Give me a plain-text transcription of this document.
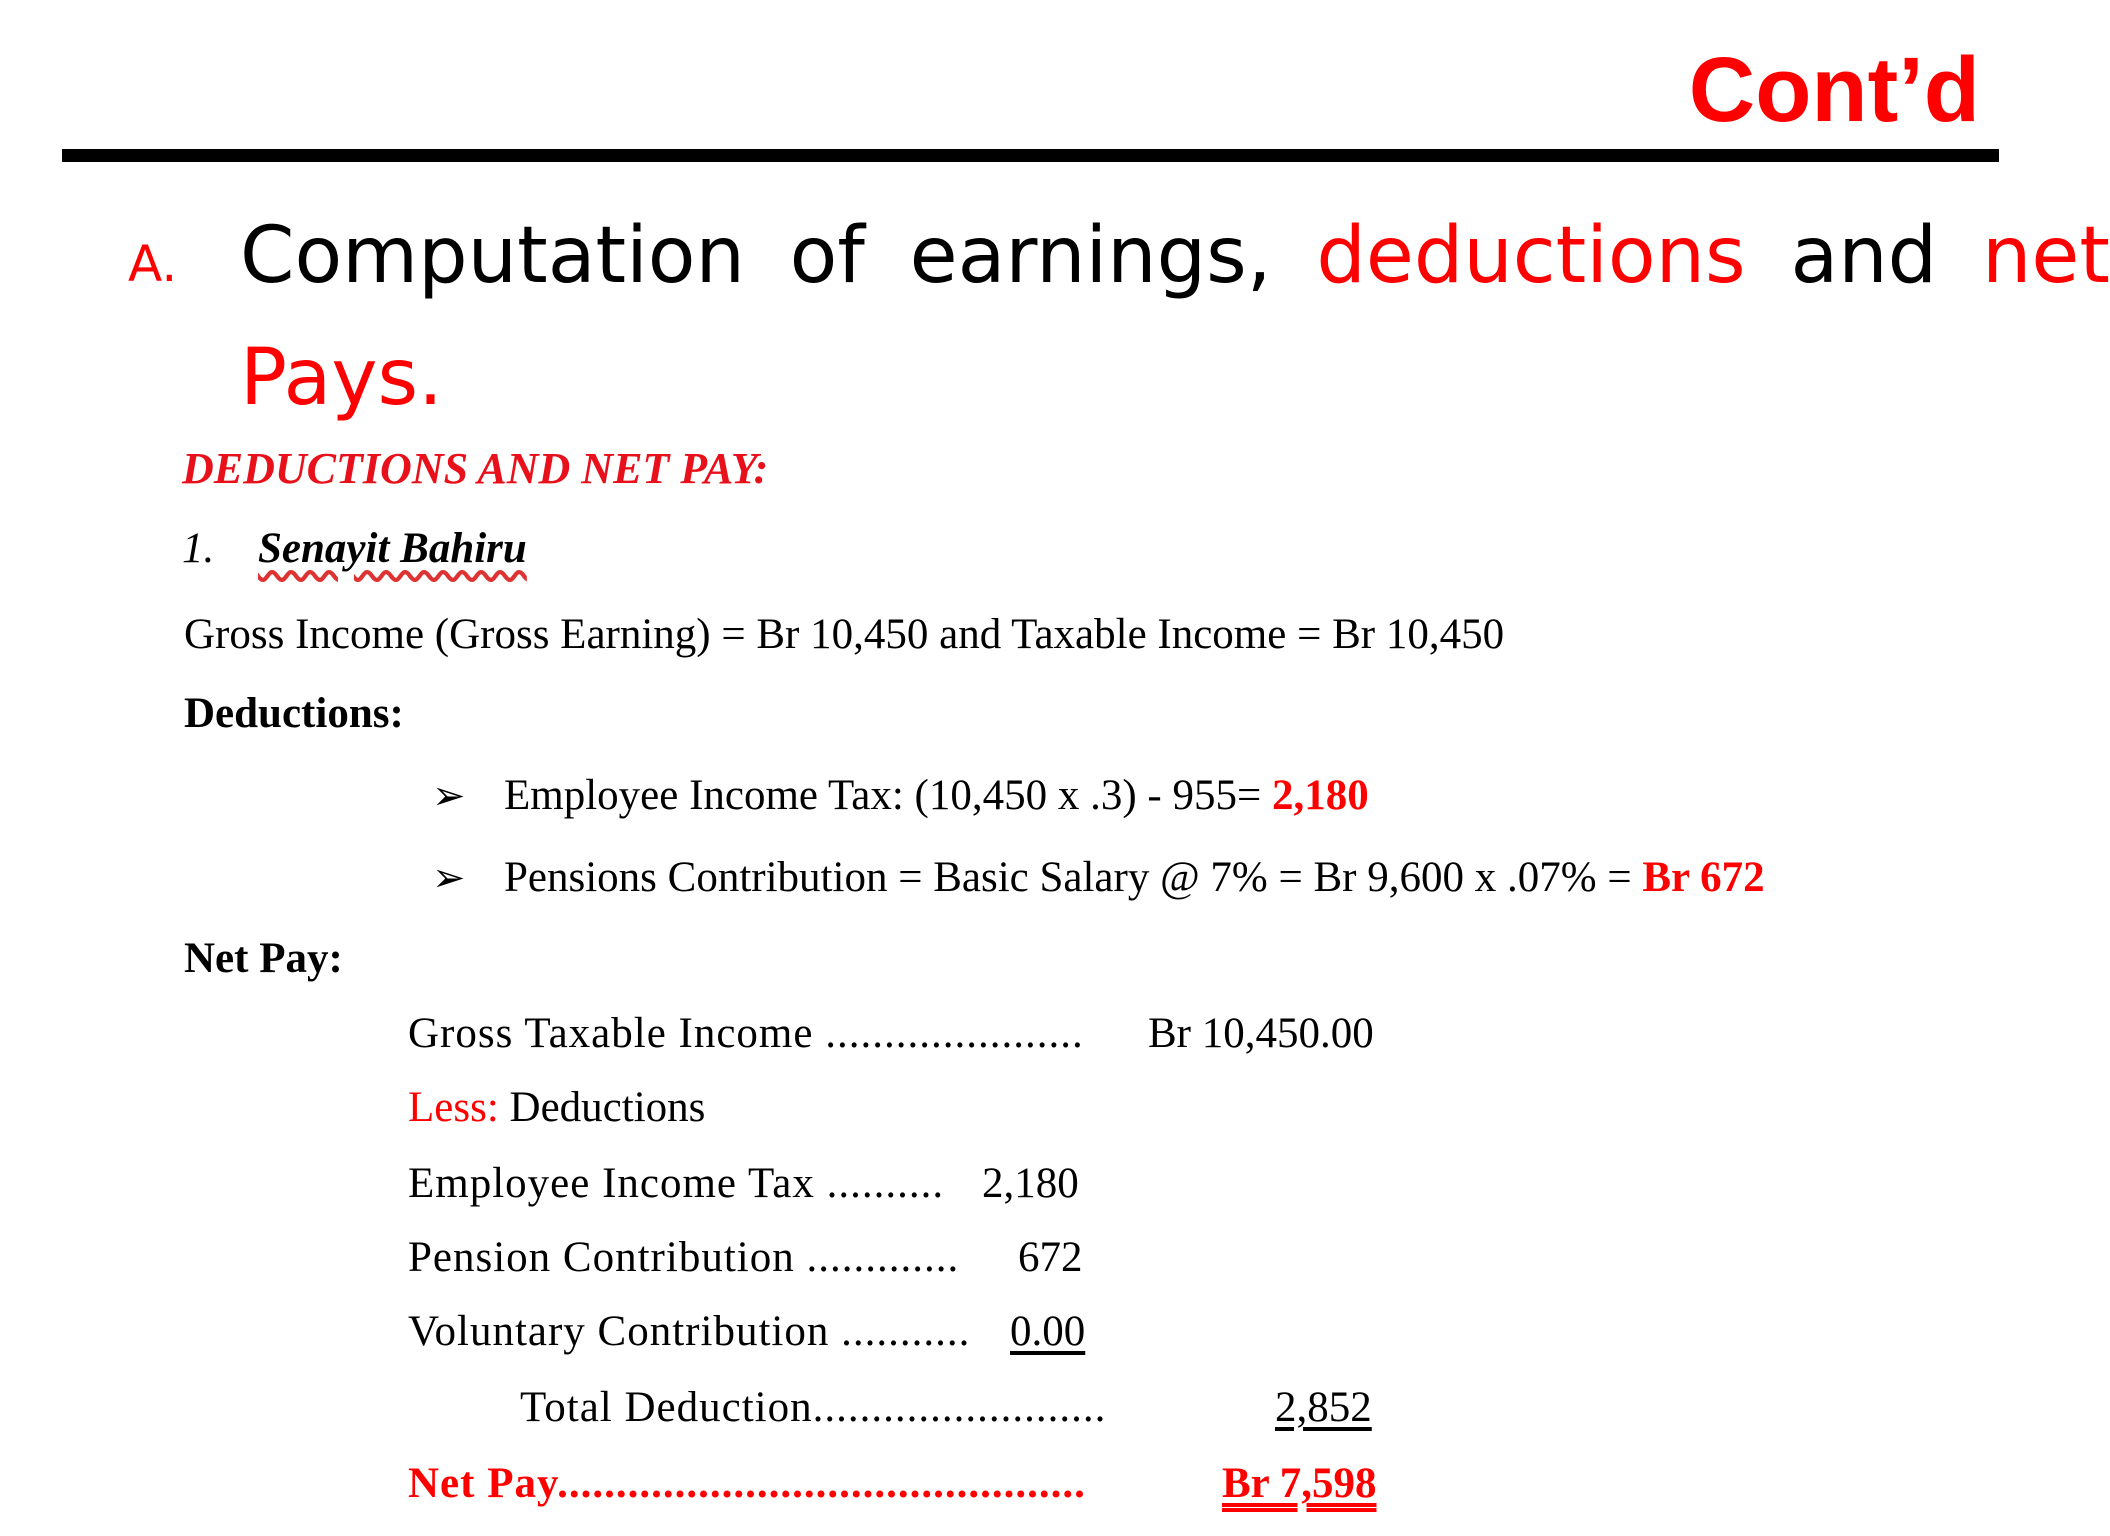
Cont’d
A. Computation of earnings, deductions and net
Pays.
DEDUCTIONS AND NET PAY:
1. Senayit Bahiru
Gross Income (Gross Earning) = Br 10,450 and Taxable Income = Br 10,450
Deductions:
➢ Employee Income Tax: (10,450 x .3) - 955= 2,180
➢ Pensions Contribution = Basic Salary @ 7% = Br 9,600 x .07% = Br 672
Net Pay:
Gross Taxable Income ...................... Br 10,450.00
Less: Deductions
Employee Income Tax .......... 2,180
Pension Contribution ............. 672
Voluntary Contribution ........... 0.00
Total Deduction.........................	2,852
Net Pay.............................................	Br 7,598
